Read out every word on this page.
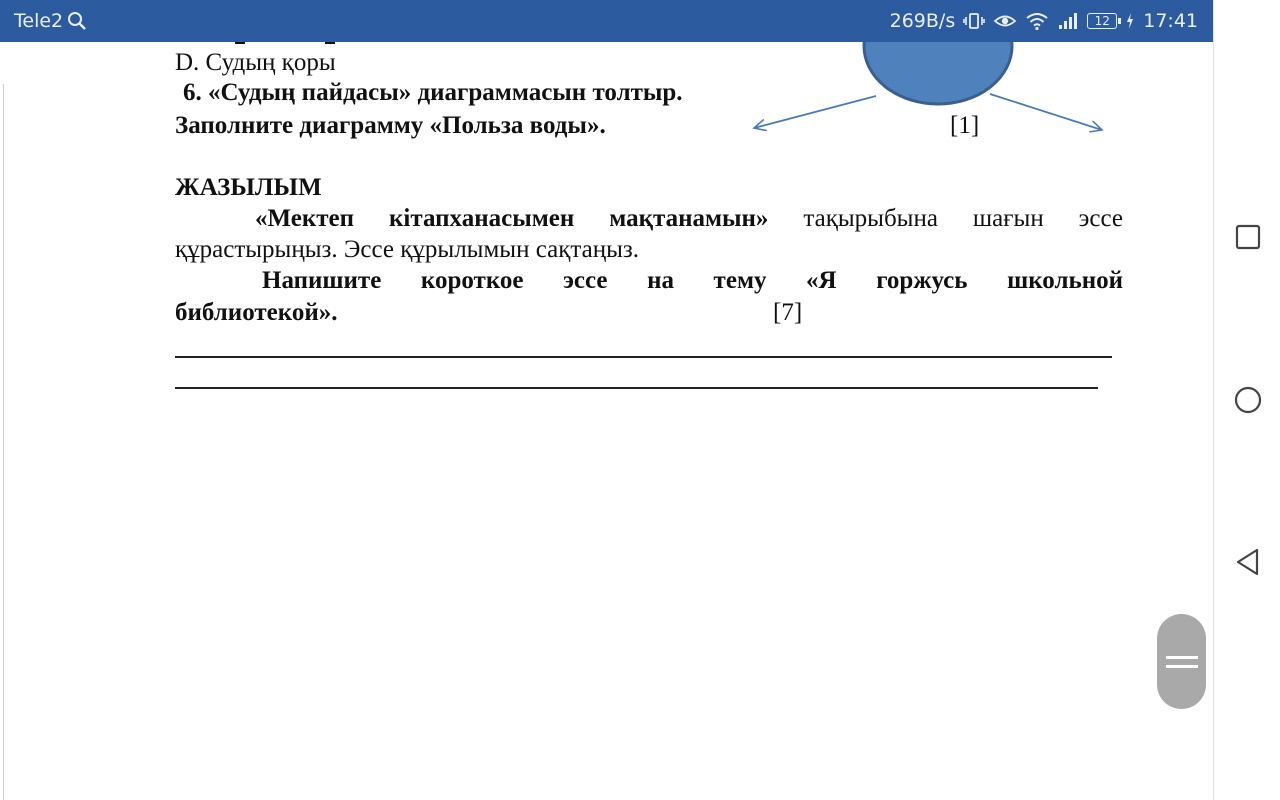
Tele2	269B/s	12 17:41
D. Судың қоры
6. «Судың пайдасы» диаграммасын толтыр.
Заполните диаграмму «Польза воды».	[1]
ЖАЗЫЛЫМ
«Мектеп кітапханасымен мақтанамын» тақырыбына шағын эссе
құрастырыңыз. Эссе құрылымын сақтаңыз.
Напишите короткое эссе на тему «Я горжусь школьной
библиотекой».	[7]
